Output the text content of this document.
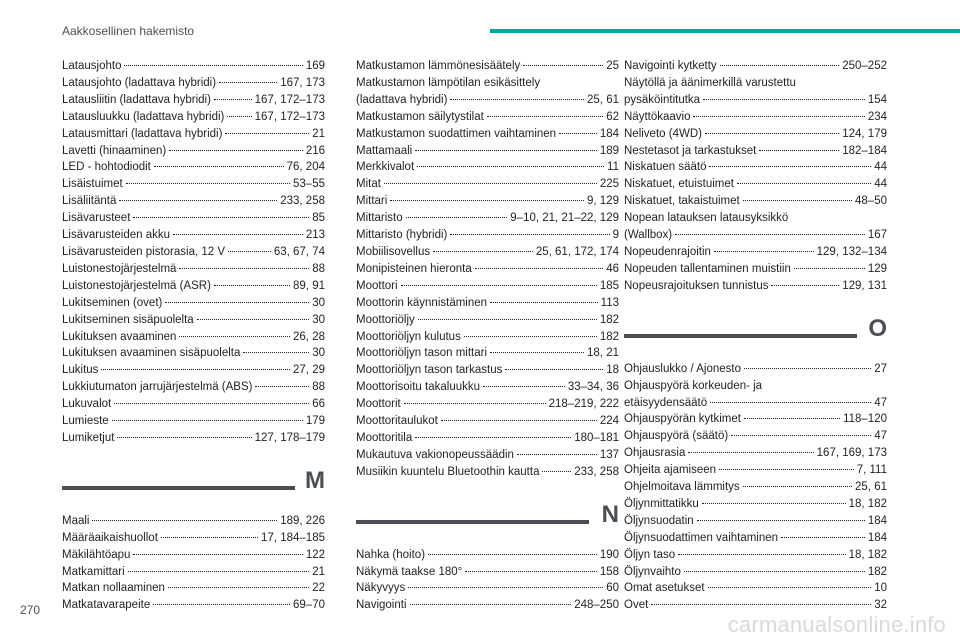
Aakkosellinen hakemisto
Latausjohto	169
Latausjohto (ladattava hybridi)	167, 173
Latausliitin (ladattava hybridi)	167, 172–173
Latausluukku (ladattava hybridi)	167, 172–173
Latausmittari (ladattava hybridi)	21
Lavetti (hinaaminen)	216
LED - hohtodiodit	76, 204
Lisäistuimet	53–55
Lisäliitäntä	233, 258
Lisävarusteet	85
Lisävarusteiden akku	213
Lisävarusteiden pistorasia, 12 V	63, 67, 74
Luistonestojärjestelmä	88
Luistonestojärjestelmä (ASR)	89, 91
Lukitseminen (ovet)	30
Lukitseminen sisäpuolelta	30
Lukituksen avaaminen	26, 28
Lukituksen avaaminen sisäpuolelta	30
Lukitus	27, 29
Lukkiutumaton jarrujärjestelmä (ABS)	88
Lukuvalot	66
Lumieste	179
Lumiketjut	127, 178–179
M
Maali	189, 226
Määräaikaishuollot	17, 184–185
Mäkilähtöapu	122
Matkamittari	21
Matkan nollaaminen	22
Matkatavarapeite	69–70
Matkustamon lämmönesisäätely	25
Matkustamon lämpötilan esikäsittely
(ladattava hybridi)	25, 61
Matkustamon säilytystilat	62
Matkustamon suodattimen vaihtaminen	184
Mattamaali	189
Merkkivalot	11
Mitat	225
Mittari	9, 129
Mittaristo	9–10, 21, 21–22, 129
Mittaristo (hybridi)	9
Mobiilisovellus	25, 61, 172, 174
Monipisteinen hieronta	46
Moottori	185
Moottorin käynnistäminen	113
Moottoriöljy	182
Moottoriöljyn kulutus	182
Moottoriöljyn tason mittari	18, 21
Moottoriöljyn tason tarkastus	18
Moottorisoitu takaluukku	33–34, 36
Moottorit	218–219, 222
Moottoritaulukot	224
Moottoritila	180–181
Mukautuva vakionopeussäädin	137
Musiikin kuuntelu Bluetoothin kautta	233, 258
N
Nahka (hoito)	190
Näkymä taakse 180°	158
Näkyvyys	60
Navigointi	248–250
Navigointi kytketty	250–252
Näytöllä ja äänimerkillä varustettu
pysäköintitutka	154
Näyttökaavio	234
Neliveto (4WD)	124, 179
Nestetasot ja tarkastukset	182–184
Niskatuen säätö	44
Niskatuet, etuistuimet	44
Niskatuet, takaistuimet	48–50
Nopean latauksen latausyksikkö
(Wallbox)	167
Nopeudenrajoitin	129, 132–134
Nopeuden tallentaminen muistiin	129
Nopeusrajoituksen tunnistus	129, 131
O
Ohjauslukko / Ajonesto	27
Ohjauspyörä korkeuden- ja
etäisyydensäätö	47
Ohjauspyörän kytkimet	118–120
Ohjauspyörä (säätö)	47
Ohjausrasia	167, 169, 173
Ohjeita ajamiseen	7, 111
Ohjelmoitava lämmitys	25, 61
Öljynmittatikku	18, 182
Öljynsuodatin	184
Öljynsuodattimen vaihtaminen	184
Öljyn taso	18, 182
Öljynvaihto	182
Omat asetukset	10
Ovet	32
270
carmanualsonline.info
